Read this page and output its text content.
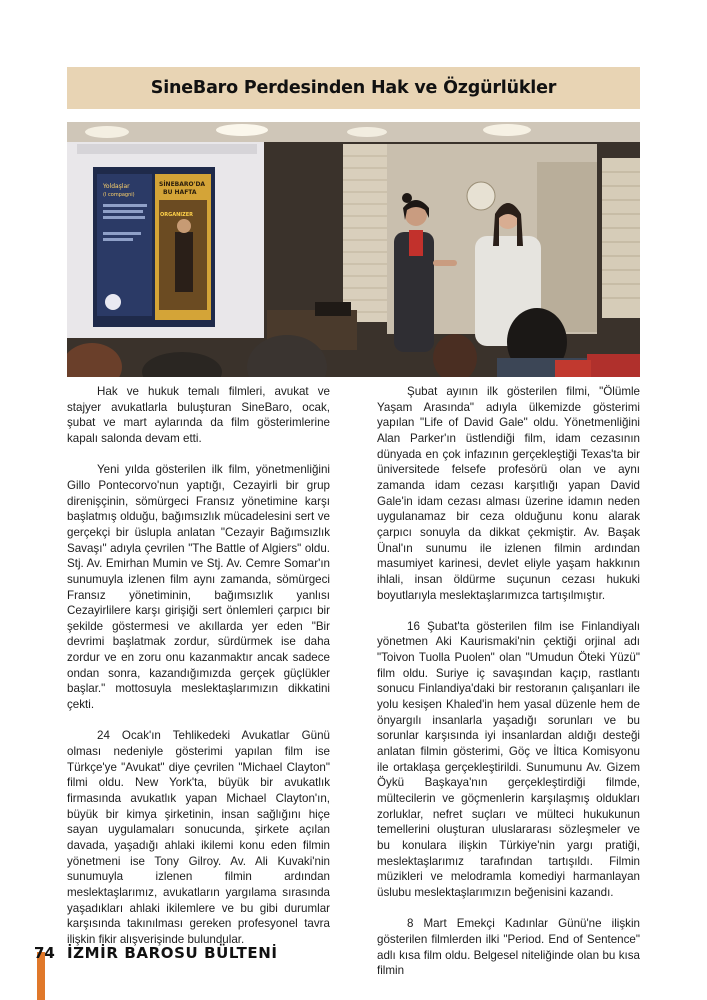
SineBaro Perdesinden Hak ve Özgürlükler
Yoldaşlar
(I compagni)
SİNEBARO'DA
BU HAFTA
ORGANIZER

Hak ve hukuk temalı filmleri, avukat ve stajyer avukatlarla buluşturan SineBaro, ocak, şubat ve mart aylarında da film gösterimlerine kapalı salonda devam etti.

Yeni yılda gösterilen ilk film, yönetmenliğini Gillo Pontecorvo'nun yaptığı, Cezayirli bir grup direnişçinin, sömürgeci Fransız yönetimine karşı başlatmış olduğu, bağımsızlık mücadelesini sert ve gerçekçi bir üslupla anlatan "Cezayir Bağımsızlık Savaşı" adıyla çevrilen "The Battle of Algiers" oldu. Stj. Av. Emirhan Mumin ve Stj. Av. Cemre Somar'ın sunumuyla izlenen film aynı zamanda, sömürgeci Fransız yönetiminin, bağımsızlık yanlısı Cezayirlilere karşı girişiği sert önlemleri çarpıcı bir şekilde göstermesi ve akıllarda yer eden "Bir devrimi başlatmak zordur, sürdürmek ise daha zordur ve en zoru onu kazanmaktır ancak sadece ondan sonra, kazandığımızda gerçek güçlükler başlar." mottosuyla meslektaşlarımızın dikkatini çekti.

24 Ocak'ın Tehlikedeki Avukatlar Günü olması nedeniyle gösterimi yapılan film ise Türkçe'ye "Avukat" diye çevrilen "Michael Clayton" filmi oldu. New York'ta, büyük bir avukatlık firmasında avukatlık yapan Michael Clayton'ın, büyük bir kimya şirketinin, insan sağlığını hiçe sayan uygulamaları sonucunda, şirkete açılan davada, yaşadığı ahlaki ikilemi konu eden filmin yönetmeni ise Tony Gilroy. Av. Ali Kuvaki'nin sunumuyla izlenen filmin ardından meslektaşlarımız, avukatların yargılama sırasında yaşadıkları ahlaki ikilemlere ve bu gibi durumlar karşısında takınılması gereken profesyonel tavra ilişkin fikir alışverişinde bulundular.

Şubat ayının ilk gösterilen filmi, "Ölümle Yaşam Arasında" adıyla ülkemizde gösterimi yapılan "Life of David Gale" oldu. Yönetmenliğini Alan Parker'ın üstlendiği film, idam cezasının dünyada en çok infazının gerçekleştiği Texas'ta bir üniversitede felsefe profesörü olan ve aynı zamanda idam cezası karşıtlığı yapan David Gale'in idam cezası alması üzerine idamın neden uygulanamaz bir ceza olduğunu konu alarak çarpıcı sonuyla da dikkat çekmiştir. Av. Başak Ünal'ın sunumu ile izlenen filmin ardından masumiyet karinesi, devlet eliyle yaşam hakkının ihlali, insan öldürme suçunun cezası hukuki boyutlarıyla meslektaşlarımızca tartışılmıştır.

16 Şubat'ta gösterilen film ise Finlandiyalı yönetmen Aki Kaurismaki'nin çektiği orjinal adı "Toivon Tuolla Puolen" olan "Umudun Öteki Yüzü" film oldu. Suriye iç savaşından kaçıp, rastlantı sonucu Finlandiya'daki bir restoranın çalışanları ile yolu kesişen Khaled'in hem yasal düzenle hem de önyargılı insanlarla yaşadığı sorunları ve bu sorunlar karşısında iyi insanlardan aldığı desteği anlatan filmin gösterimi, Göç ve İltica Komisyonu ile ortaklaşa gerçekleştirildi. Sunumunu Av. Gizem Öykü Başkaya'nın gerçekleştirdiği filmde, mültecilerin ve göçmenlerin karşılaşmış oldukları zorluklar, nefret suçları ve mülteci hukukunun temellerini oluşturan uluslararası sözleşmeler ve bu konulara ilişkin Türkiye'nin yargı pratiği, meslektaşlarımız tarafından tartışıldı. Filmin müzikleri ve melodramla komediyi harmanlayan üslubu meslektaşlarımızın beğenisini kazandı.

8 Mart Emekçi Kadınlar Günü'ne ilişkin gösterilen filmlerden ilki "Period. End of Sentence" adlı kısa film oldu. Belgesel niteliğinde olan bu kısa filmin

74 İZMİR BAROSU BÜLTENİ
